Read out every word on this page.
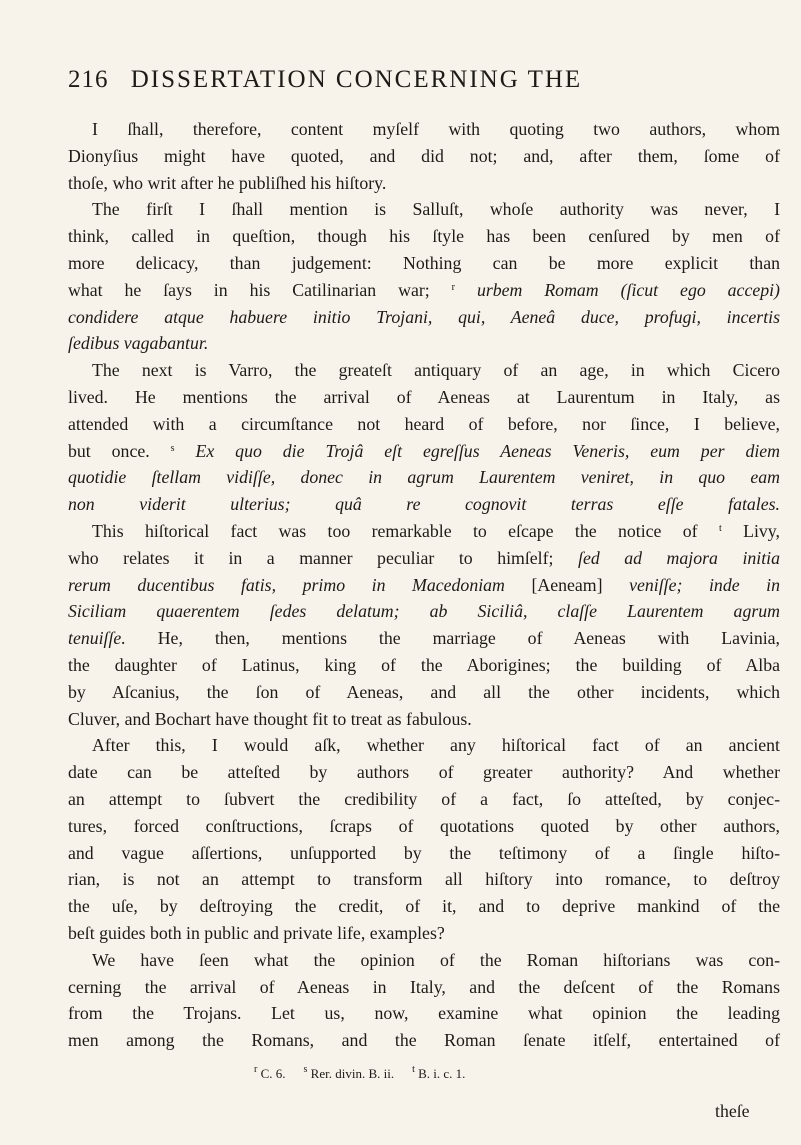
216 DISSERTATION CONCERNING THE
I ſhall, therefore, content myſelf with quoting two authors, whom
Dionyſius might have quoted, and did not; and, after them, ſome of
thoſe, who writ after he publiſhed his hiſtory.
The firſt I ſhall mention is Salluſt, whoſe authority was never, I
think, called in queſtion, though his ſtyle has been cenſured by men of
more delicacy, than judgement: Nothing can be more explicit than
what he ſays in his Catilinarian war; $^r$ urbem Romam (ſicut ego accepi)
condidere atque habuere initio Trojani, qui, Aeneâ duce, profugi, incertis
ſedibus vagabantur.
The next is Varro, the greateſt antiquary of an age, in which Cicero
lived. He mentions the arrival of Aeneas at Laurentum in Italy, as
attended with a circumſtance not heard of before, nor ſince, I believe,
but once. $^s$ Ex quo die Trojâ eſt egreſſus Aeneas Veneris, eum per diem
quotidie ſtellam vidiſſe, donec in agrum Laurentem veniret, in quo eam
non viderit ulterius; quâ re cognovit terras eſſe fatales.
This hiſtorical fact was too remarkable to eſcape the notice of $^t$ Livy,
who relates it in a manner peculiar to himſelf; ſed ad majora initia
rerum ducentibus fatis, primo in Macedoniam [Aeneam] veniſſe; inde in
Siciliam quaerentem ſedes delatum; ab Siciliâ, claſſe Laurentem agrum
tenuiſſe. He, then, mentions the marriage of Aeneas with Lavinia,
the daughter of Latinus, king of the Aborigines; the building of Alba
by Aſcanius, the ſon of Aeneas, and all the other incidents, which
Cluver, and Bochart have thought fit to treat as fabulous.
After this, I would aſk, whether any hiſtorical fact of an ancient
date can be atteſted by authors of greater authority? And whether
an attempt to ſubvert the credibility of a fact, ſo atteſted, by conjec-
tures, forced conſtructions, ſcraps of quotations quoted by other authors,
and vague aſſertions, unſupported by the teſtimony of a ſingle hiſto-
rian, is not an attempt to transform all hiſtory into romance, to deſtroy
the uſe, by deſtroying the credit, of it, and to deprive mankind of the
beſt guides both in public and private life, examples?
We have ſeen what the opinion of the Roman hiſtorians was con-
cerning the arrival of Aeneas in Italy, and the deſcent of the Romans
from the Trojans. Let us, now, examine what opinion the leading
men among the Romans, and the Roman ſenate itſelf, entertained of
$^r$ C. 6. $^s$ Rer. divin. B. ii. $^t$ B. i. c. 1.
theſe
